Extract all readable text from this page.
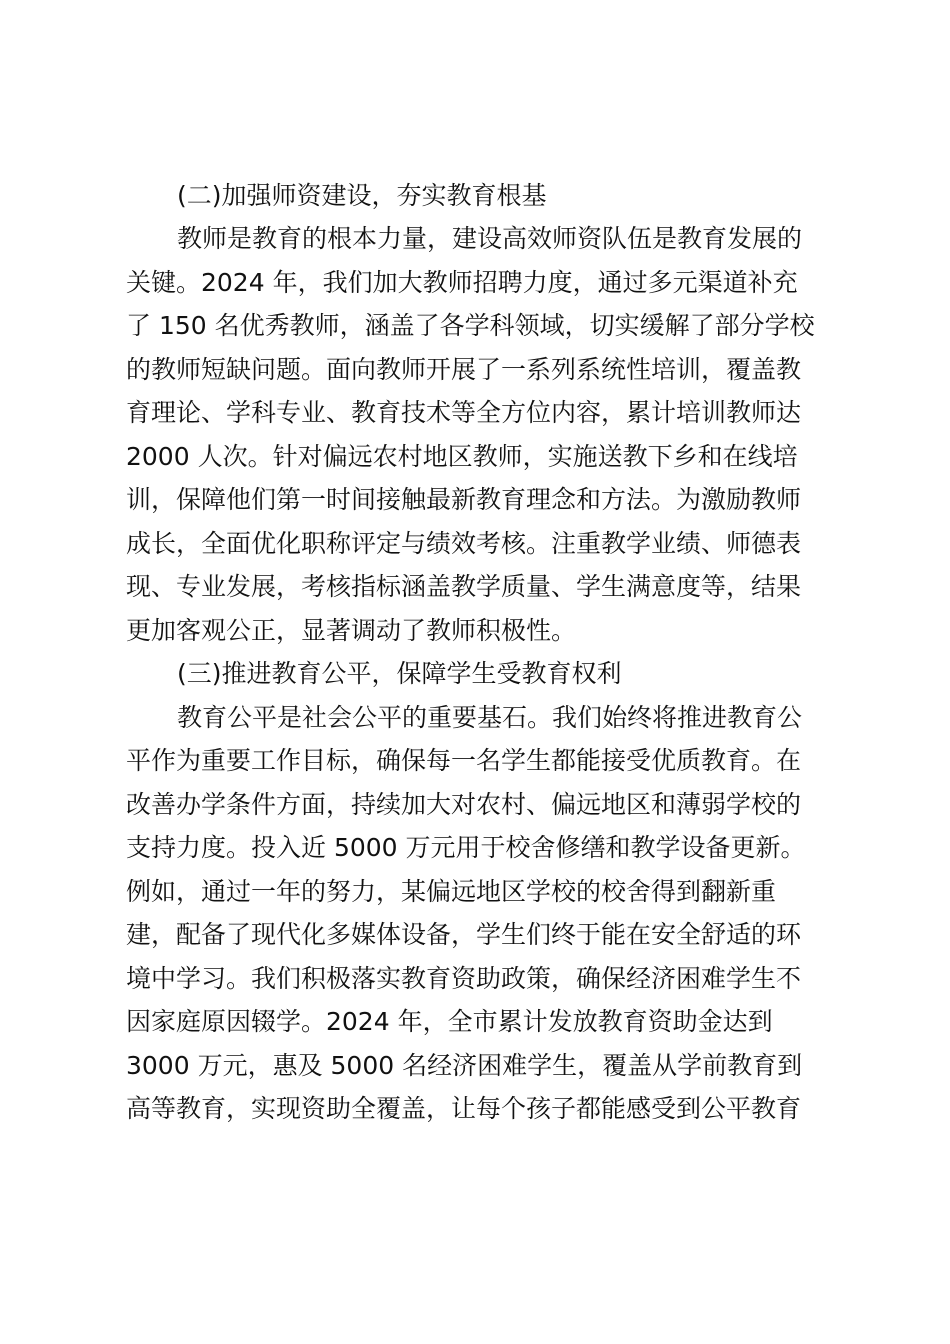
(二)加强师资建设，夯实教育根基
教师是教育的根本力量，建设高效师资队伍是教育发展的
关键。2024 年，我们加大教师招聘力度，通过多元渠道补充
了 150 名优秀教师，涵盖了各学科领域，切实缓解了部分学校
的教师短缺问题。面向教师开展了一系列系统性培训，覆盖教
育理论、学科专业、教育技术等全方位内容，累计培训教师达
2000 人次。针对偏远农村地区教师，实施送教下乡和在线培
训，保障他们第一时间接触最新教育理念和方法。为激励教师
成长，全面优化职称评定与绩效考核。注重教学业绩、师德表
现、专业发展，考核指标涵盖教学质量、学生满意度等，结果
更加客观公正，显著调动了教师积极性。
(三)推进教育公平，保障学生受教育权利
教育公平是社会公平的重要基石。我们始终将推进教育公
平作为重要工作目标，确保每一名学生都能接受优质教育。在
改善办学条件方面，持续加大对农村、偏远地区和薄弱学校的
支持力度。投入近 5000 万元用于校舍修缮和教学设备更新。
例如，通过一年的努力，某偏远地区学校的校舍得到翻新重
建，配备了现代化多媒体设备，学生们终于能在安全舒适的环
境中学习。我们积极落实教育资助政策，确保经济困难学生不
因家庭原因辍学。2024 年，全市累计发放教育资助金达到
3000 万元，惠及 5000 名经济困难学生，覆盖从学前教育到
高等教育，实现资助全覆盖，让每个孩子都能感受到公平教育
